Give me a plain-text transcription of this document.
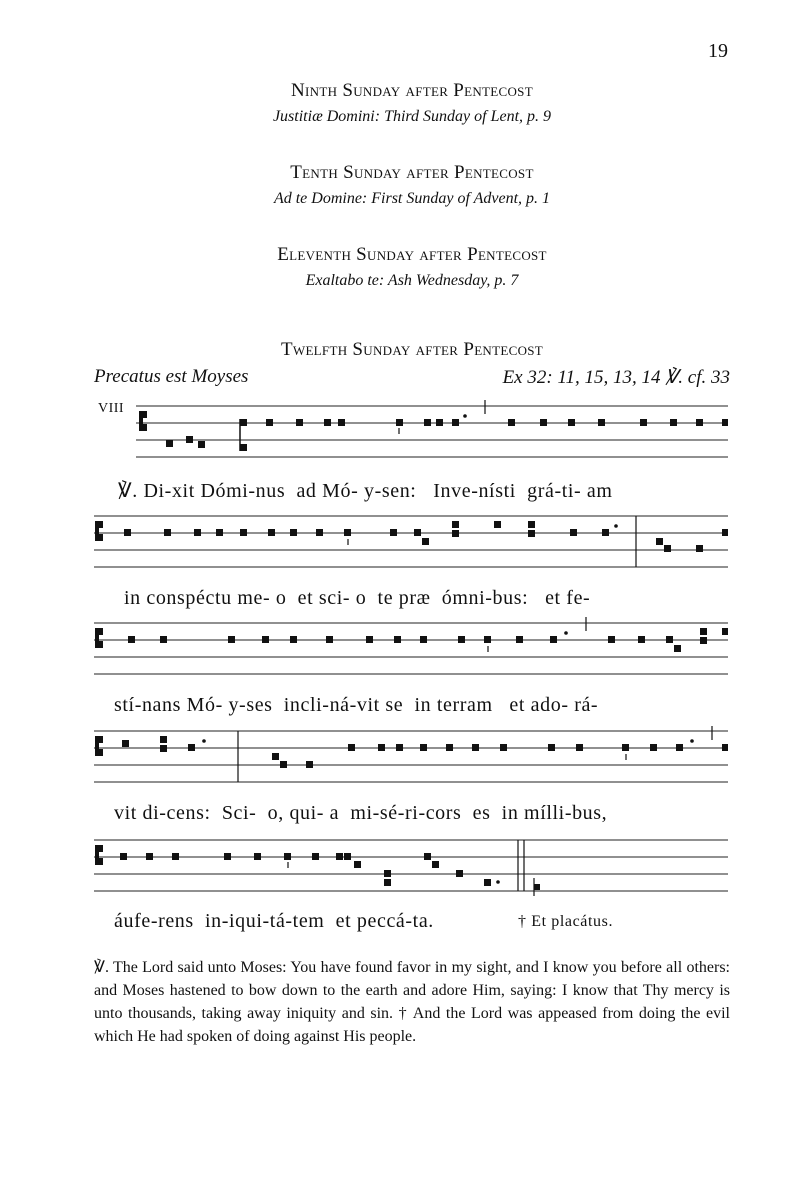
19
Ninth Sunday after Pentecost
Justitiæ Domini: Third Sunday of Lent, p. 9
Tenth Sunday after Pentecost
Ad te Domine: First Sunday of Advent, p. 1
Eleventh Sunday after Pentecost
Exaltabo te: Ash Wednesday, p. 7
Twelfth Sunday after Pentecost
Precatus est Moyses	Ex 32: 11, 15, 13, 14 ℣. cf. 33
VIII
℣. Di-xit Dómi-nus  ad Mó- y-sen:   Inve-nísti  grá-ti- am
in conspéctu me- o  et sci- o  te præ  ómni-bus:   et fe-
stí-nans Mó- y-ses  incli-ná-vit se  in terram   et ado- rá-
vit di-cens:  Sci-  o, qui- a  mi-sé-ri-cors  es  in mílli-bus,
áufe-rens  in-iqui-tá-tem  et peccá-ta.	† Et placátus.
℣. The Lord said unto Moses: You have found favor in my sight, and I know you before all others: and Moses hastened to bow down to the earth and adore Him, saying: I know that Thy mercy is unto thousands, taking away iniquity and sin. † And the Lord was appeased from doing the evil which He had spoken of doing against His people.
